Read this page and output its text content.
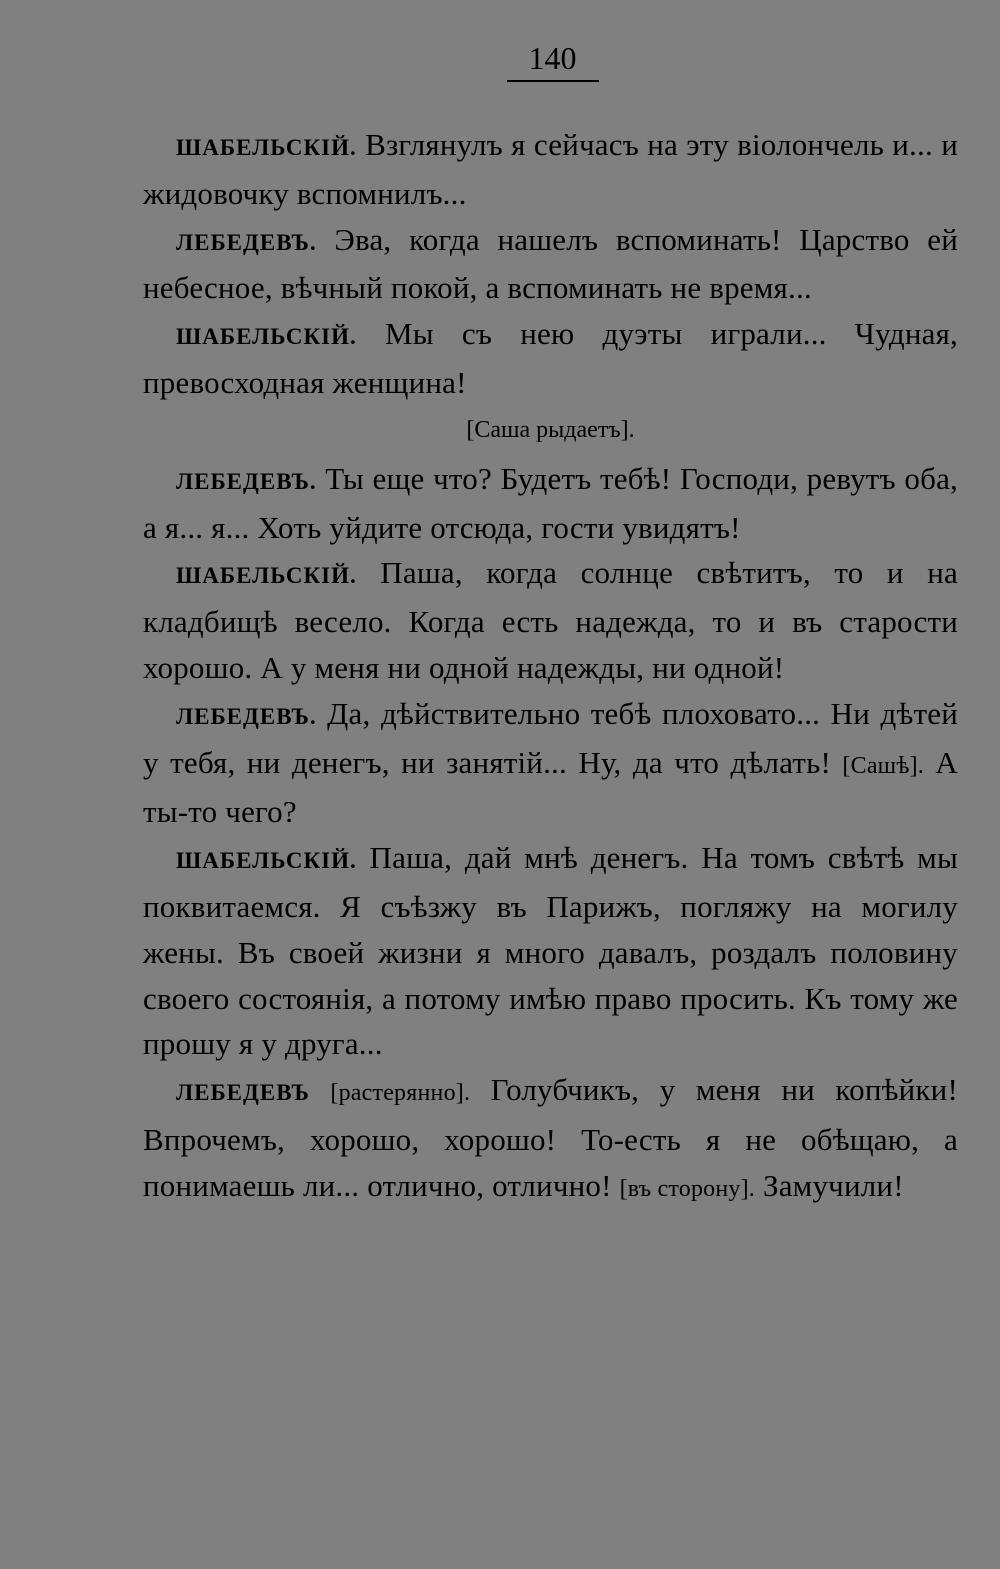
140

ШАБЕЛЬСКІЙ. Взглянулъ я сейчасъ на эту віолончель и... и жидовочку вспомнилъ...

ЛЕБЕДЕВЪ. Эва, когда нашелъ вспоминать! Царство ей небесное, вѣчный покой, а вспоминать не время...

ШАБЕЛЬСКІЙ. Мы съ нею дуэты играли... Чудная, превосходная женщина!

[Саша рыдаетъ].

ЛЕБЕДЕВЪ. Ты еще что? Будетъ тебѣ! Господи, ревутъ оба, а я... я... Хоть уйдите отсюда, гости увидятъ!

ШАБЕЛЬСКІЙ. Паша, когда солнце свѣтитъ, то и на кладбищѣ весело. Когда есть надежда, то и въ старости хорошо. А у меня ни одной надежды, ни одной!

ЛЕБЕДЕВЪ. Да, дѣйствительно тебѣ плоховато... Ни дѣтей у тебя, ни денегъ, ни занятій... Ну, да что дѣлать! [Сашѣ]. А ты-то чего?

ШАБЕЛЬСКІЙ. Паша, дай мнѣ денегъ. На томъ свѣтѣ мы поквитаемся. Я съѣзжу въ Парижъ, погляжу на могилу жены. Въ своей жизни я много давалъ, роздалъ половину своего состоянія, а потому имѣю право просить. Къ тому же прошу я у друга...

ЛЕБЕДЕВЪ [растерянно]. Голубчикъ, у меня ни копѣйки! Впрочемъ, хорошо, хорошо! То-есть я не обѣщаю, а понимаешь ли... отлично, отлично! [въ сторону]. Замучили!
